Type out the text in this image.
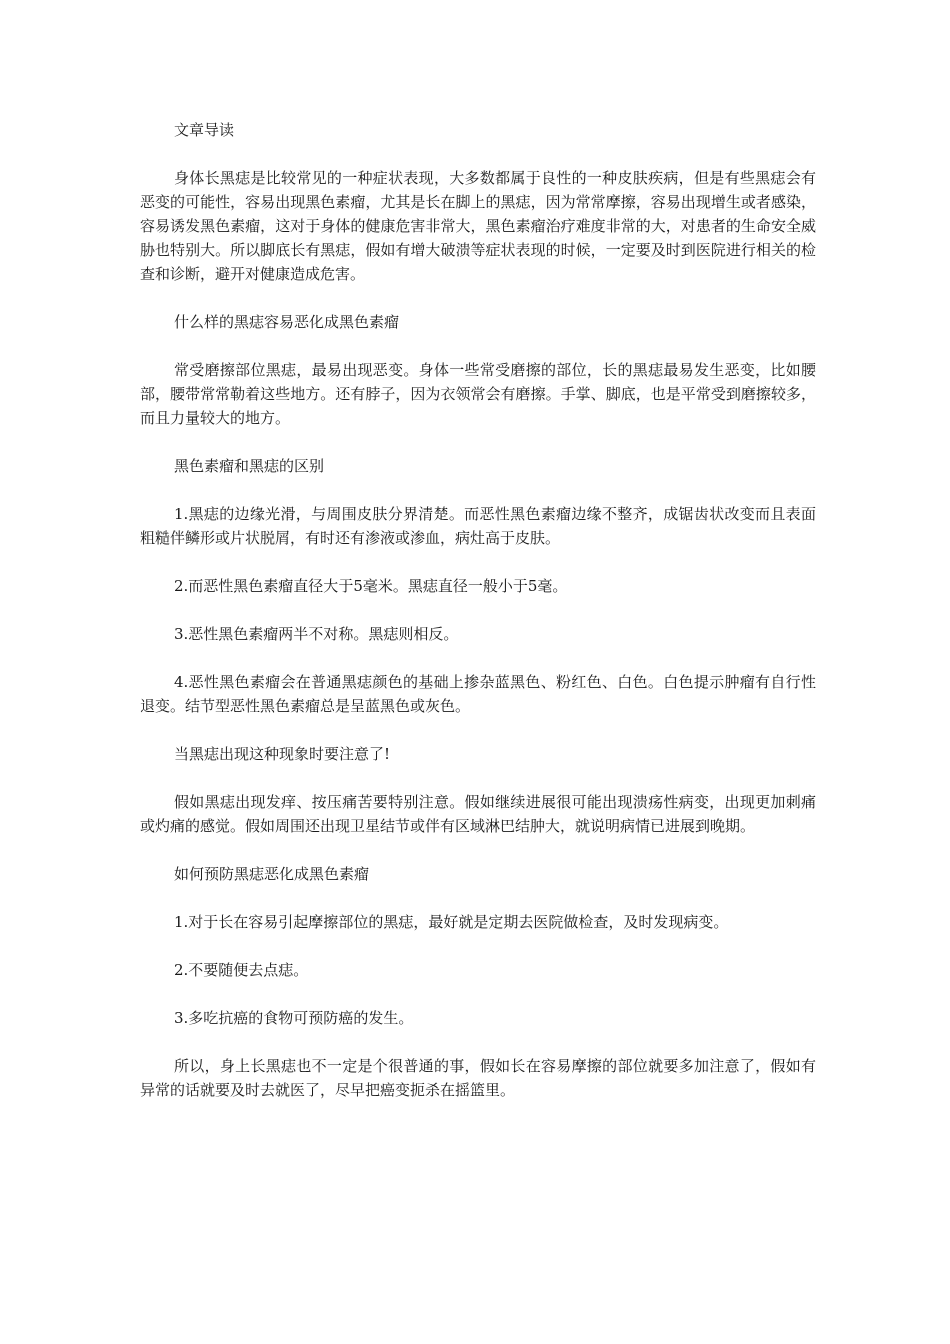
文章导读

身体长黑痣是比较常见的一种症状表现，大多数都属于良性的一种皮肤疾病，但是有些黑痣会有恶变的可能性，容易出现黑色素瘤，尤其是长在脚上的黑痣，因为常常摩擦，容易出现增生或者感染，容易诱发黑色素瘤，这对于身体的健康危害非常大，黑色素瘤治疗难度非常的大，对患者的生命安全威胁也特别大。所以脚底长有黑痣，假如有增大破溃等症状表现的时候，一定要及时到医院进行相关的检查和诊断，避开对健康造成危害。

什么样的黑痣容易恶化成黑色素瘤

常受磨擦部位黑痣，最易出现恶变。身体一些常受磨擦的部位，长的黑痣最易发生恶变，比如腰部，腰带常常勒着这些地方。还有脖子，因为衣领常会有磨擦。手掌、脚底，也是平常受到磨擦较多，而且力量较大的地方。

黑色素瘤和黑痣的区别

1.黑痣的边缘光滑，与周围皮肤分界清楚。而恶性黑色素瘤边缘不整齐，成锯齿状改变而且表面粗糙伴鳞形或片状脱屑，有时还有渗液或渗血，病灶高于皮肤。

2.而恶性黑色素瘤直径大于5毫米。黑痣直径一般小于5毫。

3.恶性黑色素瘤两半不对称。黑痣则相反。

4.恶性黑色素瘤会在普通黑痣颜色的基础上掺杂蓝黑色、粉红色、白色。白色提示肿瘤有自行性退变。结节型恶性黑色素瘤总是呈蓝黑色或灰色。

当黑痣出现这种现象时要注意了!

假如黑痣出现发痒、按压痛苦要特别注意。假如继续进展很可能出现溃疡性病变，出现更加刺痛或灼痛的感觉。假如周围还出现卫星结节或伴有区域淋巴结肿大，就说明病情已进展到晚期。

如何预防黑痣恶化成黑色素瘤

1.对于长在容易引起摩擦部位的黑痣，最好就是定期去医院做检查，及时发现病变。

2.不要随便去点痣。

3.多吃抗癌的食物可预防癌的发生。

所以，身上长黑痣也不一定是个很普通的事，假如长在容易摩擦的部位就要多加注意了，假如有异常的话就要及时去就医了，尽早把癌变扼杀在摇篮里。
